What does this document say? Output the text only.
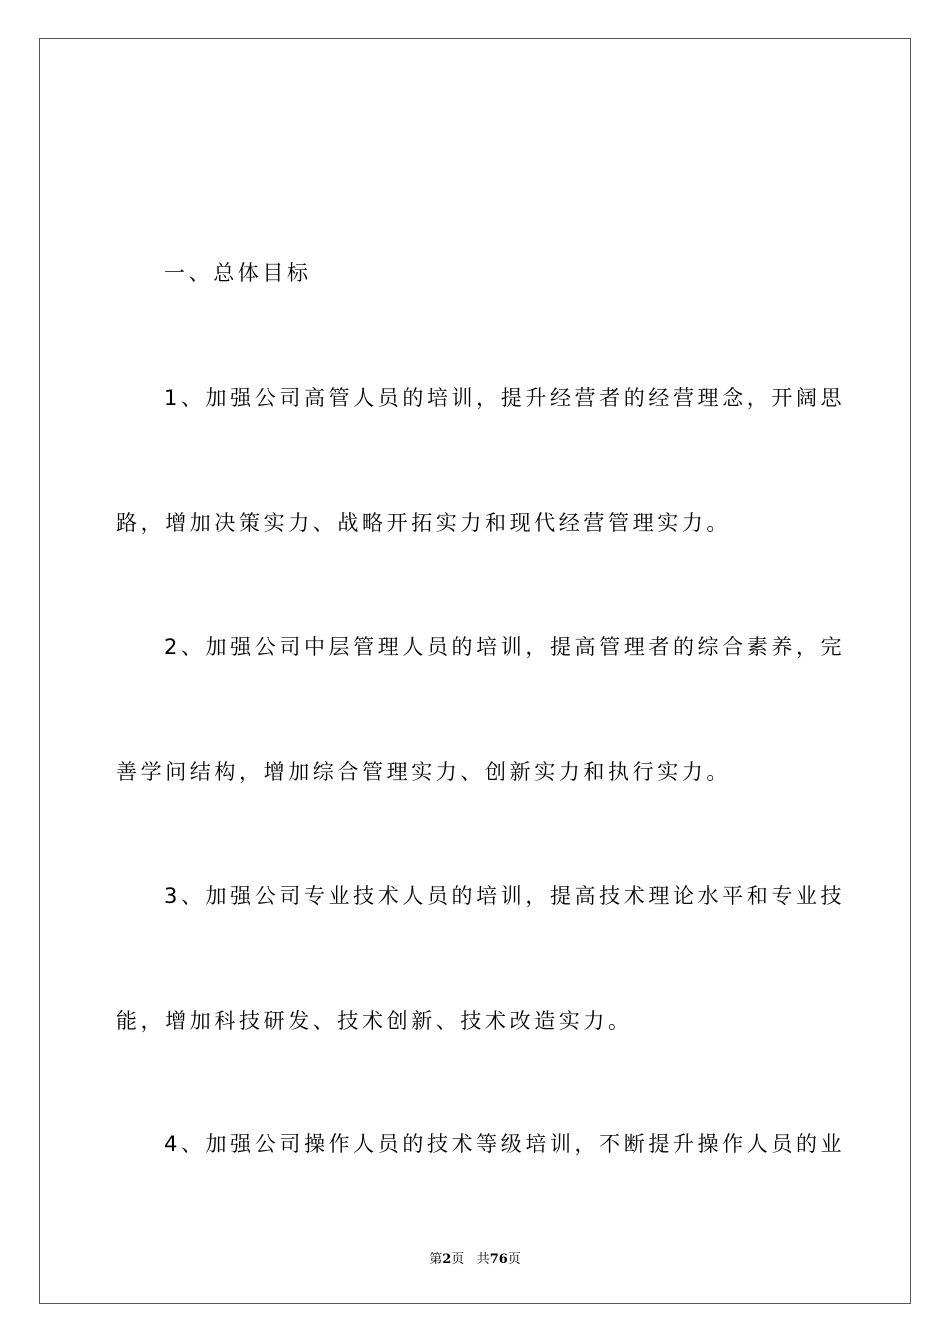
一、总体目标
1、加强公司高管人员的培训，提升经营者的经营理念，开阔思
路，增加决策实力、战略开拓实力和现代经营管理实力。
2、加强公司中层管理人员的培训，提高管理者的综合素养，完
善学问结构，增加综合管理实力、创新实力和执行实力。
3、加强公司专业技术人员的培训，提高技术理论水平和专业技
能，增加科技研发、技术创新、技术改造实力。
4、加强公司操作人员的技术等级培训，不断提升操作人员的业
第2页 共76页
